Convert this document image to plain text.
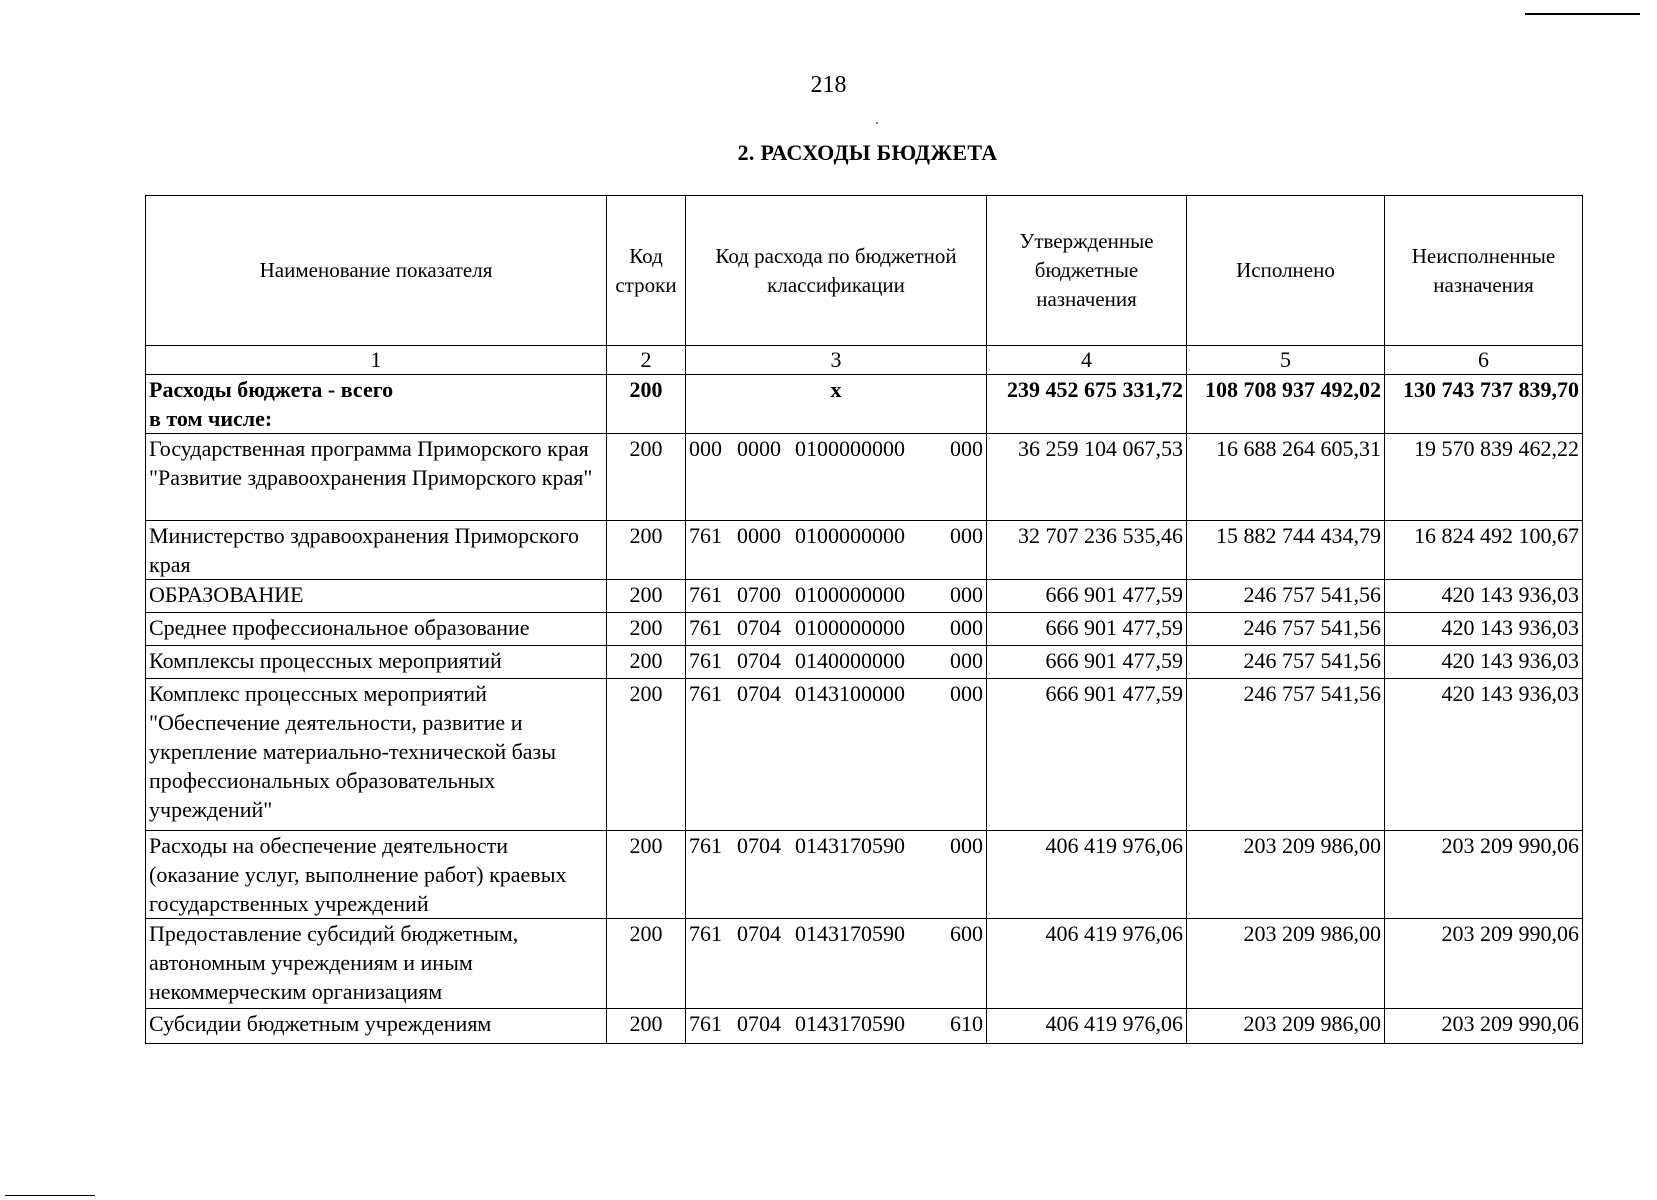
218
2. РАСХОДЫ БЮДЖЕТА
Наименование показателя	Код строки	Код расхода по бюджетной классификации	Утвержденные бюджетные назначения	Исполнено	Неисполненные назначения
1	2	3	4	5	6

Расходы бюджета - всего
в том числе:	200	x	239 452 675 331,72	108 708 937 492,02	130 743 737 839,70
Государственная программа Приморского края "Развитие здравоохранения Приморского края"	200	000 0000 0100000000 000	36 259 104 067,53	16 688 264 605,31	19 570 839 462,22
Министерство здравоохранения Приморского края	200	761 0000 0100000000 000	32 707 236 535,46	15 882 744 434,79	16 824 492 100,67
ОБРАЗОВАНИЕ	200	761 0700 0100000000 000	666 901 477,59	246 757 541,56	420 143 936,03
Среднее профессиональное образование	200	761 0704 0100000000 000	666 901 477,59	246 757 541,56	420 143 936,03
Комплексы процессных мероприятий	200	761 0704 0140000000 000	666 901 477,59	246 757 541,56	420 143 936,03
Комплекс процессных мероприятий "Обеспечение деятельности, развитие и укрепление материально-технической базы профессиональных образовательных учреждений"	200	761 0704 0143100000 000	666 901 477,59	246 757 541,56	420 143 936,03
Расходы на обеспечение деятельности (оказание услуг, выполнение работ) краевых государственных учреждений	200	761 0704 0143170590 000	406 419 976,06	203 209 986,00	203 209 990,06
Предоставление субсидий бюджетным, автономным учреждениям и иным некоммерческим организациям	200	761 0704 0143170590 600	406 419 976,06	203 209 986,00	203 209 990,06
Субсидии бюджетным учреждениям	200	761 0704 0143170590 610	406 419 976,06	203 209 986,00	203 209 990,06
